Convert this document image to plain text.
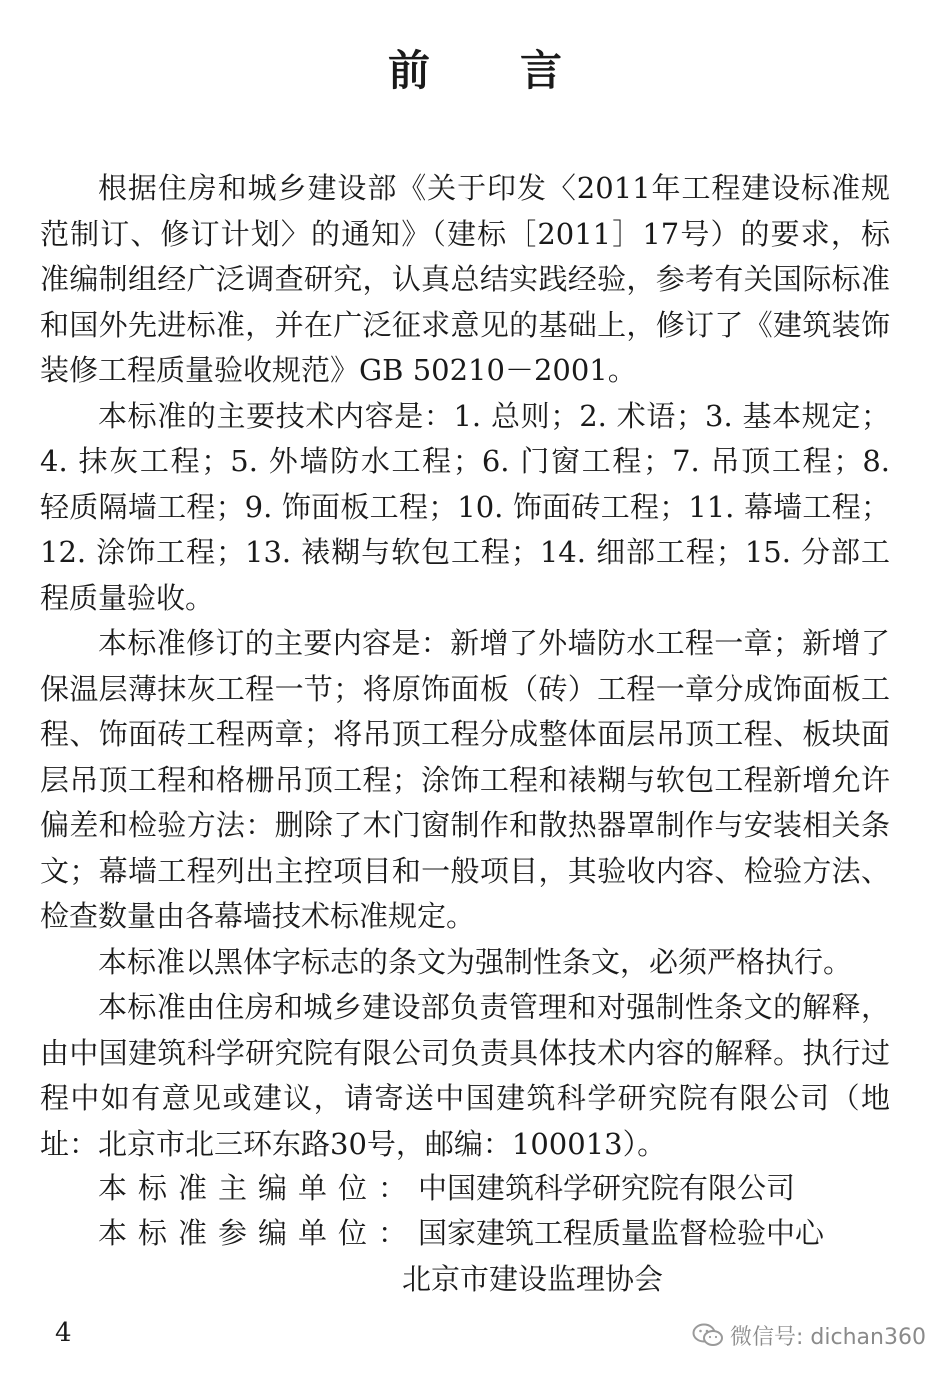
前 言

根据住房和城乡建设部《关于印发〈2011年工程建设标准规范制订、修订计划〉的通知》（建标［2011］17号）的要求，标准编制组经广泛调查研究，认真总结实践经验，参考有关国际标准和国外先进标准，并在广泛征求意见的基础上，修订了《建筑装饰装修工程质量验收规范》GB 50210－2001。

本标准的主要技术内容是：1. 总则；2. 术语；3. 基本规定；4. 抹灰工程；5. 外墙防水工程；6. 门窗工程；7. 吊顶工程；8. 轻质隔墙工程；9. 饰面板工程；10. 饰面砖工程；11. 幕墙工程；12. 涂饰工程；13. 裱糊与软包工程；14. 细部工程；15. 分部工程质量验收。

本标准修订的主要内容是：新增了外墙防水工程一章；新增了保温层薄抹灰工程一节；将原饰面板（砖）工程一章分成饰面板工程、饰面砖工程两章；将吊顶工程分成整体面层吊顶工程、板块面层吊顶工程和格栅吊顶工程；涂饰工程和裱糊与软包工程新增允许偏差和检验方法：删除了木门窗制作和散热器罩制作与安装相关条文；幕墙工程列出主控项目和一般项目，其验收内容、检验方法、检查数量由各幕墙技术标准规定。

本标准以黑体字标志的条文为强制性条文，必须严格执行。

本标准由住房和城乡建设部负责管理和对强制性条文的解释，由中国建筑科学研究院有限公司负责具体技术内容的解释。执行过程中如有意见或建议，请寄送中国建筑科学研究院有限公司（地址：北京市北三环东路30号，邮编：100013）。

本标准主编单位：中国建筑科学研究院有限公司
本标准参编单位：国家建筑工程质量监督检验中心
北京市建设监理协会
4	微信号: dichan360
